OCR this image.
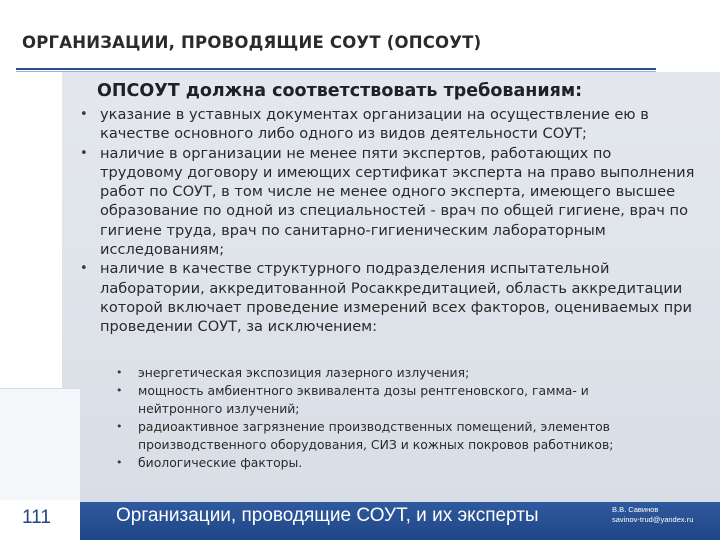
ОРГАНИЗАЦИИ, ПРОВОДЯЩИЕ СОУТ (ОПСОУТ)
ОПСОУТ должна соответствовать требованиям:
• указание в уставных документах организации на осуществление ею в качестве основного либо одного из видов деятельности СОУТ;
• наличие в организации не менее пяти экспертов, работающих по трудовому договору и имеющих сертификат эксперта на право выполнения работ по СОУТ, в том числе не менее одного эксперта, имеющего высшее образование по одной из специальностей - врач по общей гигиене, врач по гигиене труда, врач по санитарно-гигиеническим лабораторным исследованиям;
• наличие в качестве структурного подразделения испытательной лаборатории, аккредитованной Росаккредитацией, область аккредитации которой включает проведение измерений всех факторов, оцениваемых при проведении СОУТ, за исключением:
• энергетическая экспозиция лазерного излучения;
• мощность амбиентного эквивалента дозы рентгеновского, гамма- и нейтронного излучений;
• радиоактивное загрязнение производственных помещений, элементов производственного оборудования, СИЗ и кожных покровов работников;
• биологические факторы.
111	Организации, проводящие СОУТ, и их эксперты	В.В. Савинов
savinov-trud@yandex.ru
